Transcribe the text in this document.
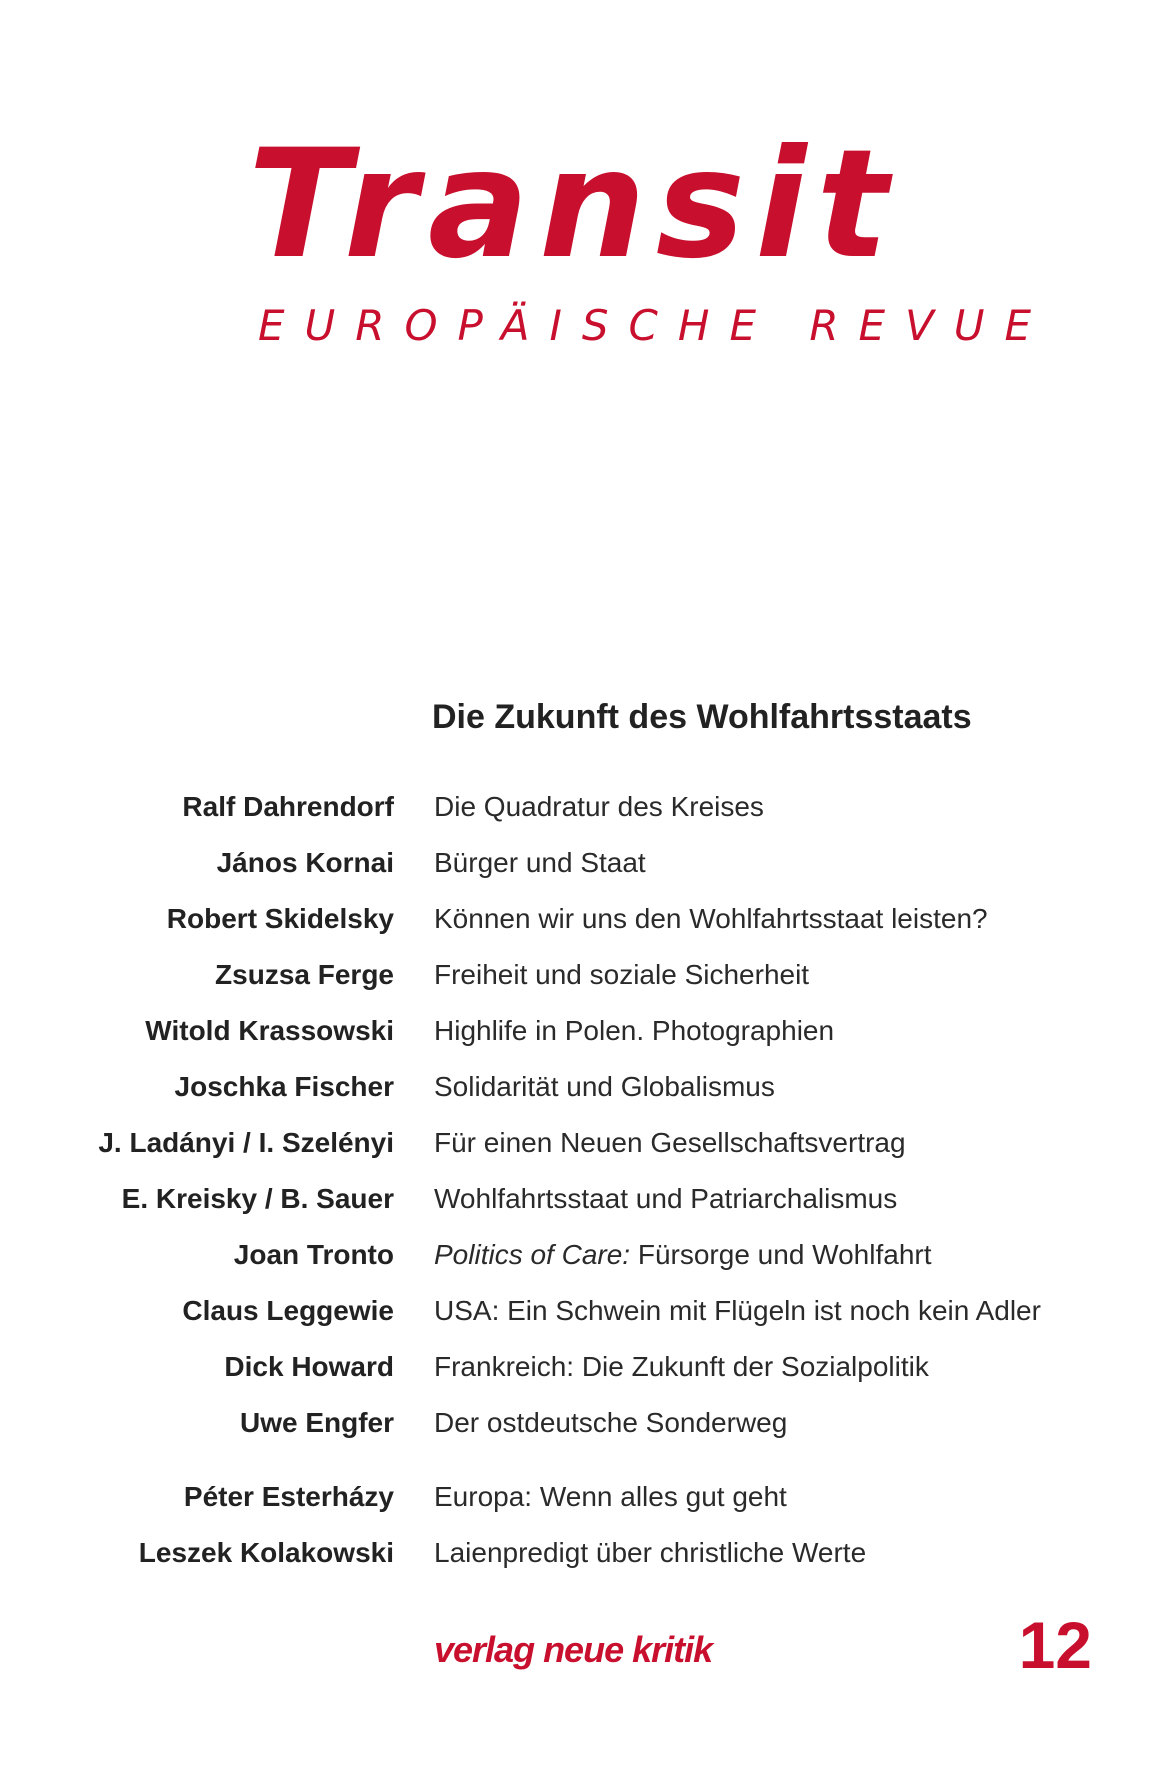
Transit
EUROPÄISCHE REVUE
Die Zukunft des Wohlfahrtsstaats
Ralf Dahrendorf Die Quadratur des Kreises
János Kornai Bürger und Staat
Robert Skidelsky Können wir uns den Wohlfahrtsstaat leisten?
Zsuzsa Ferge Freiheit und soziale Sicherheit
Witold Krassowski Highlife in Polen. Photographien
Joschka Fischer Solidarität und Globalismus
J. Ladányi / I. Szelényi Für einen Neuen Gesellschaftsvertrag
E. Kreisky / B. Sauer Wohlfahrtsstaat und Patriarchalismus
Joan Tronto Politics of Care: Fürsorge und Wohlfahrt
Claus Leggewie USA: Ein Schwein mit Flügeln ist noch kein Adler
Dick Howard Frankreich: Die Zukunft der Sozialpolitik
Uwe Engfer Der ostdeutsche Sonderweg
Péter Esterházy Europa: Wenn alles gut geht
Leszek Kolakowski Laienpredigt über christliche Werte
verlag neue kritik	12
